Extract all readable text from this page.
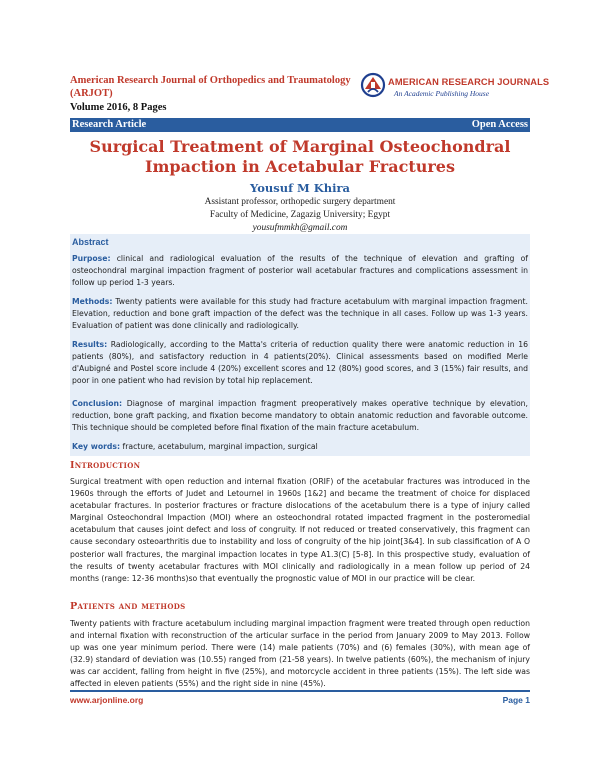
American Research Journal of Orthopedics and Traumatology
(ARJOT)
Volume 2016, 8 Pages
AMERICAN RESEARCH JOURNALS
An Academic Publishing House
Research Article	Open Access
Surgical Treatment of Marginal Osteochondral Impaction in Acetabular Fractures
Yousuf M Khira
Assistant professor, orthopedic surgery department
Faculty of Medicine, Zagazig University; Egypt
yousufmmkh@gmail.com
Abstract
Purpose: clinical and radiological evaluation of the results of the technique of elevation and grafting of osteochondral marginal impaction fragment of posterior wall acetabular fractures and complications assessment in follow up period 1-3 years.
Methods: Twenty patients were available for this study had fracture acetabulum with marginal impaction fragment. Elevation, reduction and bone graft impaction of the defect was the technique in all cases. Follow up was 1-3 years. Evaluation of patient was done clinically and radiologically.
Results: Radiologically, according to the Matta's criteria of reduction quality there were anatomic reduction in 16 patients (80%), and satisfactory reduction in 4 patients(20%). Clinical assessments based on modified Merle d'Aubigné and Postel score include 4 (20%) excellent scores and 12 (80%) good scores, and 3 (15%) fair results, and poor in one patient who had revision by total hip replacement.
Conclusion: Diagnose of marginal impaction fragment preoperatively makes operative technique by elevation, reduction, bone graft packing, and fixation become mandatory to obtain anatomic reduction and favorable outcome. This technique should be completed before final fixation of the main fracture acetabulum.
Key words: fracture, acetabulum, marginal impaction, surgical
Introduction
Surgical treatment with open reduction and internal fixation (ORIF) of the acetabular fractures was introduced in the 1960s through the efforts of Judet and Letournel in 1960s [1&2] and became the treatment of choice for displaced acetabular fractures. In posterior fractures or fracture dislocations of the acetabulum there is a type of injury called Marginal Osteochondral Impaction (MOI) where an osteochondral rotated impacted fragment in the posteromedial acetabulum that causes joint defect and loss of congruity. If not reduced or treated conservatively, this fragment can cause secondary osteoarthritis due to instability and loss of congruity of the hip joint[3&4]. In sub classification of A O posterior wall fractures, the marginal impaction locates in type A1.3(C) [5-8]. In this prospective study, evaluation of the results of twenty acetabular fractures with MOI clinically and radiologically in a mean follow up period of 24 months (range: 12-36 months)so that eventually the prognostic value of MOI in our practice will be clear.
Patients and methods
Twenty patients with fracture acetabulum including marginal impaction fragment were treated through open reduction and internal fixation with reconstruction of the articular surface in the period from January 2009 to May 2013. Follow up was one year minimum period. There were (14) male patients (70%) and (6) females (30%), with mean age of (32.9) standard of deviation was (10.55) ranged from (21-58 years). In twelve patients (60%), the mechanism of injury was car accident, falling from height in five (25%), and motorcycle accident in three patients (15%). The left side was affected in eleven patients (55%) and the right side in nine (45%).
www.arjonline.org	Page 1
